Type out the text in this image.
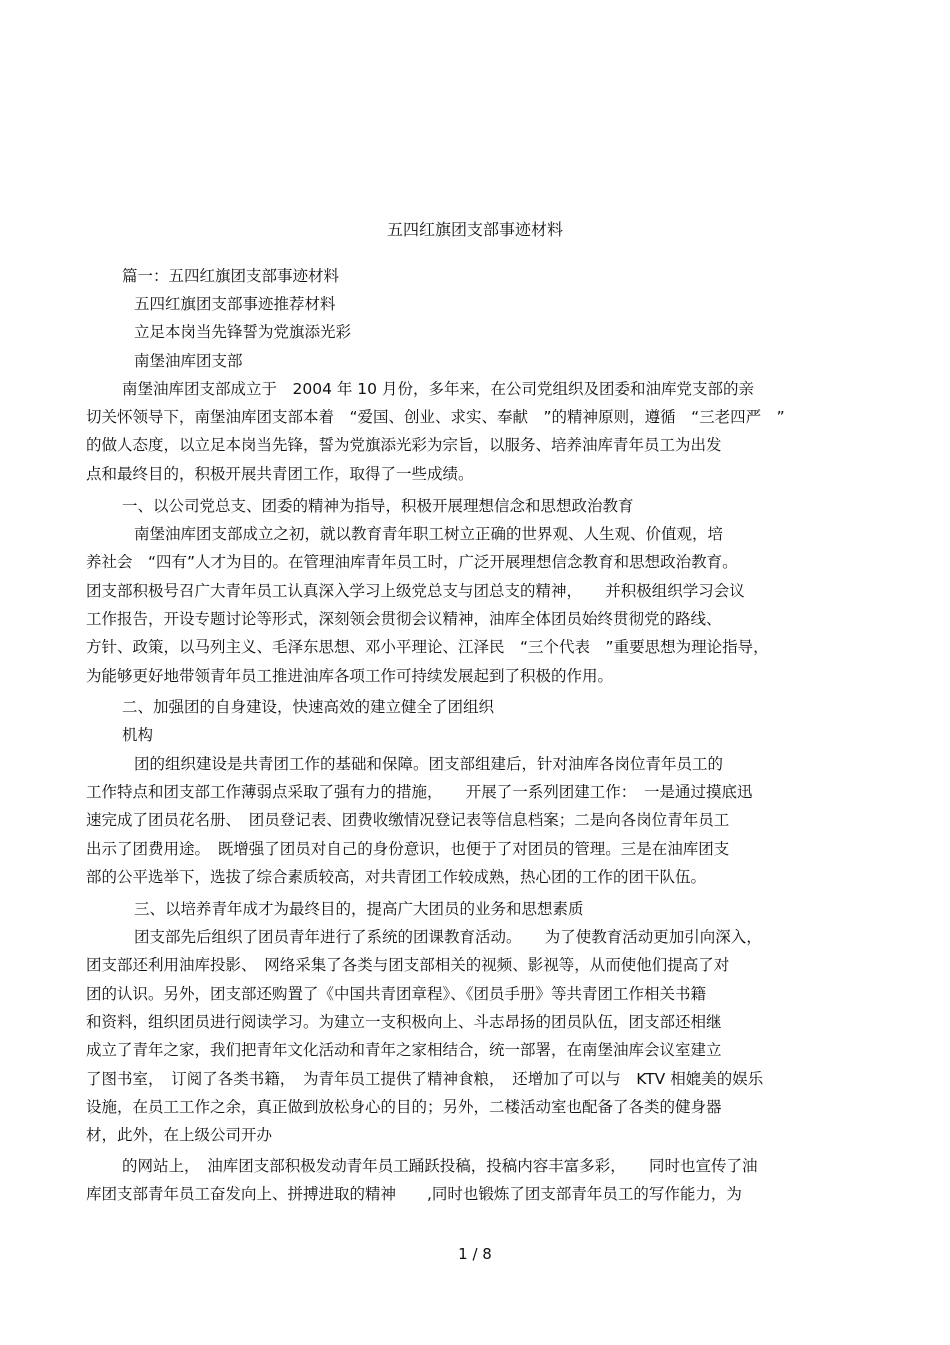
五四红旗团支部事迹材料
篇一：五四红旗团支部事迹材料
五四红旗团支部事迹推荐材料
立足本岗当先锋誓为党旗添光彩
南堡油库团支部
南堡油库团支部成立于　2004 年 10 月份，多年来，在公司党组织及团委和油库党支部的亲
切关怀领导下，南堡油库团支部本着　“爱国、创业、求实、奉献　”的精神原则，遵循　“三老四严　”
的做人态度，以立足本岗当先锋，誓为党旗添光彩为宗旨，以服务、培养油库青年员工为出发
点和最终目的，积极开展共青团工作，取得了一些成绩。
一、以公司党总支、团委的精神为指导，积极开展理想信念和思想政治教育
南堡油库团支部成立之初，就以教育青年职工树立正确的世界观、人生观、价值观，培
养社会　“四有”人才为目的。在管理油库青年员工时，广泛开展理想信念教育和思想政治教育。
团支部积极号召广大青年员工认真深入学习上级党总支与团总支的精神，　　并积极组织学习会议
工作报告，开设专题讨论等形式，深刻领会贯彻会议精神，油库全体团员始终贯彻党的路线、
方针、政策，以马列主义、毛泽东思想、邓小平理论、江泽民　“三个代表　”重要思想为理论指导，
为能够更好地带领青年员工推进油库各项工作可持续发展起到了积极的作用。
二、加强团的自身建设，快速高效的建立健全了团组织
机构
团的组织建设是共青团工作的基础和保障。团支部组建后，针对油库各岗位青年员工的
工作特点和团支部工作薄弱点采取了强有力的措施，　　开展了一系列团建工作：　一是通过摸底迅
速完成了团员花名册、　团员登记表、团费收缴情况登记表等信息档案；二是向各岗位青年员工
出示了团费用途。　既增强了团员对自己的身份意识，也便于了对团员的管理。三是在油库团支
部的公平选举下，选拔了综合素质较高，对共青团工作较成熟，热心团的工作的团干队伍。
三、以培养青年成才为最终目的，提高广大团员的业务和思想素质
团支部先后组织了团员青年进行了系统的团课教育活动。　　为了使教育活动更加引向深入，
团支部还利用油库投影、　网络采集了各类与团支部相关的视频、影视等，从而使他们提高了对
团的认识。另外，团支部还购置了《中国共青团章程》、《团员手册》等共青团工作相关书籍
和资料，组织团员进行阅读学习。为建立一支积极向上、斗志昂扬的团员队伍，团支部还相继
成立了青年之家，我们把青年文化活动和青年之家相结合，统一部署，在南堡油库会议室建立
了图书室，　订阅了各类书籍，　为青年员工提供了精神食粮，　还增加了可以与　KTV 相媲美的娱乐
设施，在员工工作之余，真正做到放松身心的目的；另外，二楼活动室也配备了各类的健身器
材，此外，在上级公司开办
的网站上，　油库团支部积极发动青年员工踊跃投稿，投稿内容丰富多彩，　　同时也宣传了油
库团支部青年员工奋发向上、拼搏进取的精神　　,同时也锻炼了团支部青年员工的写作能力，为
1 / 8
